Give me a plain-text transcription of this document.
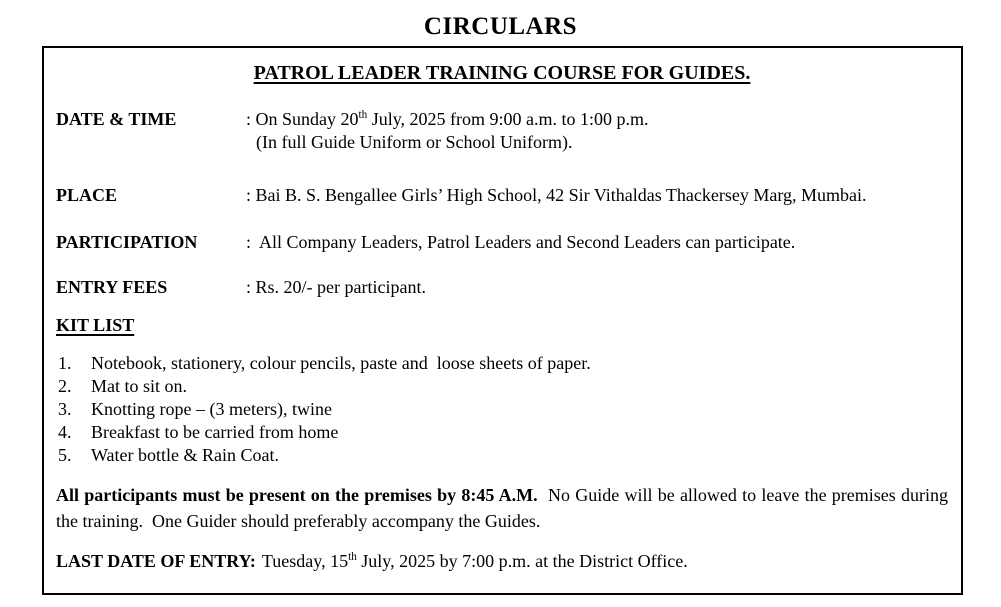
CIRCULARS
PATROL LEADER TRAINING COURSE FOR GUIDES.
DATE & TIME	: On Sunday 20th July, 2025 from 9:00 a.m. to 1:00 p.m.
(In full Guide Uniform or School Uniform).
PLACE	: Bai B. S. Bengallee Girls’ High School, 42 Sir Vithaldas Thackersey Marg, Mumbai.
PARTICIPATION	:  All Company Leaders, Patrol Leaders and Second Leaders can participate.
ENTRY FEES	: Rs. 20/- per participant.
KIT LIST
1.	Notebook, stationery, colour pencils, paste and  loose sheets of paper.
2.	Mat to sit on.
3.	Knotting rope – (3 meters), twine
4.	Breakfast to be carried from home
5.	Water bottle & Rain Coat.

All participants must be present on the premises by 8:45 A.M.  No Guide will be allowed to leave the premises during the training.  One Guider should preferably accompany the Guides.

LAST DATE OF ENTRY: Tuesday, 15th July, 2025 by 7:00 p.m. at the District Office.
